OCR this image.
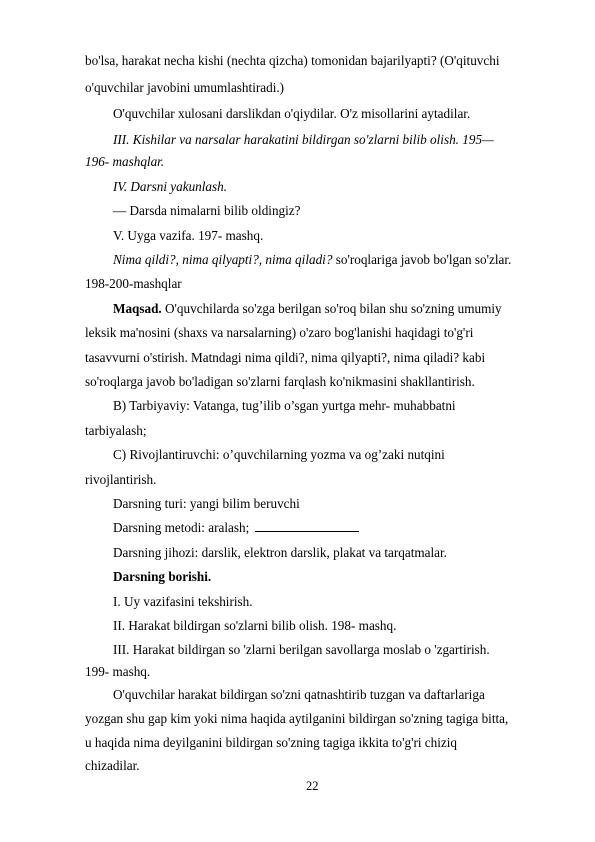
bo'lsa, harakat necha kishi (nechta qizcha) tomonidan bajarilyapti? (O'qituvchi
o'quvchilar javobini umumlashtiradi.)
O'quvchilar xulosani darslikdan o'qiydilar. O'z misollarini aytadilar.
III. Kishilar va narsalar harakatini bildirgan so'zlarni bilib olish. 195—
196- mashqlar.
IV. Darsni yakunlash.
— Darsda nimalarni bilib oldingiz?
V. Uyga vazifa. 197- mashq.
Nima qildi?, nima qilyapti?, nima qiladi? so'roqlariga javob bo'lgan so'zlar.
198-200-mashqlar
Maqsad. O'quvchilarda so'zga berilgan so'roq bilan shu so'zning umumiy
leksik ma'nosini (shaxs va narsalarning) o'zaro bog'lanishi haqidagi to'g'ri
tasavvurni o'stirish. Matndagi nima qildi?, nima qilyapti?, nima qiladi? kabi
so'roqlarga javob bo'ladigan so'zlarni farqlash ko'nikmasini shakllantirish.
B) Tarbiyaviy: Vatanga, tug’ilib o’sgan yurtga mehr- muhabbatni
tarbiyalash;
C) Rivojlantiruvchi: o’quvchilarning yozma va og’zaki nutqini
rivojlantirish.
Darsning turi: yangi bilim beruvchi
Darsning metodi: aralash;
Darsning jihozi: darslik, elektron darslik, plakat va tarqatmalar.
Darsning borishi.
I. Uy vazifasini tekshirish.
II. Harakat bildirgan so'zlarni bilib olish. 198- mashq.
III. Harakat bildirgan so 'zlarni berilgan savollarga moslab o 'zgartirish.
199- mashq.
O'quvchilar harakat bildirgan so'zni qatnashtirib tuzgan va daftarlariga
yozgan shu gap kim yoki nima haqida aytilganini bildirgan so'zning tagiga bitta,
u haqida nima deyilganini bildirgan so'zning tagiga ikkita to'g'ri chiziq
chizadilar.
22
